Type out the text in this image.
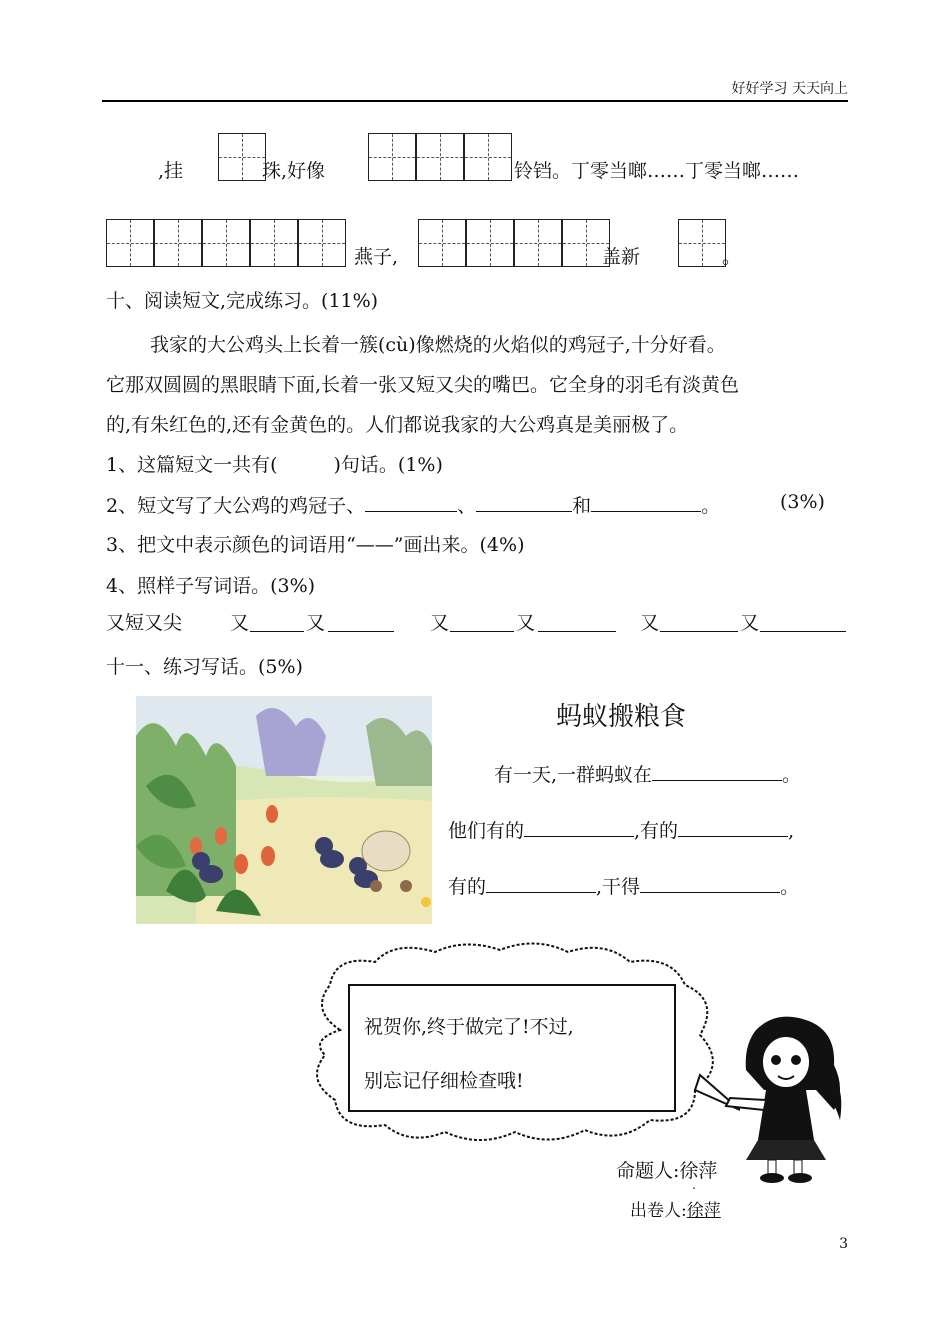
好好学习 天天向上
,挂	珠,好像	铃铛。丁零当啷……丁零当啷……
燕子,	盖新	。
十、阅读短文,完成练习。(11%)
我家的大公鸡头上长着一簇(cù)像燃烧的火焰似的鸡冠子,十分好看。
它那双圆圆的黑眼睛下面,长着一张又短又尖的嘴巴。它全身的羽毛有淡黄色
的,有朱红色的,还有金黄色的。人们都说我家的大公鸡真是美丽极了。
1、这篇短文一共有(	)句话。(1%)
2、短文写了大公鸡的鸡冠子、	、	和	。	(3%)
3、把文中表示颜色的词语用“——”画出来。(4%)
4、照样子写词语。(3%)
又短又尖	又	又	又	又	又	又
十一、练习写话。(5%)
蚂蚁搬粮食
有一天,一群蚂蚁在	。
他们有的	,有的	,
有的	,干得	。
祝贺你,终于做完了!不过,
别忘记仔细检查哦!
命题人:徐萍
.
出卷人:徐萍
3
